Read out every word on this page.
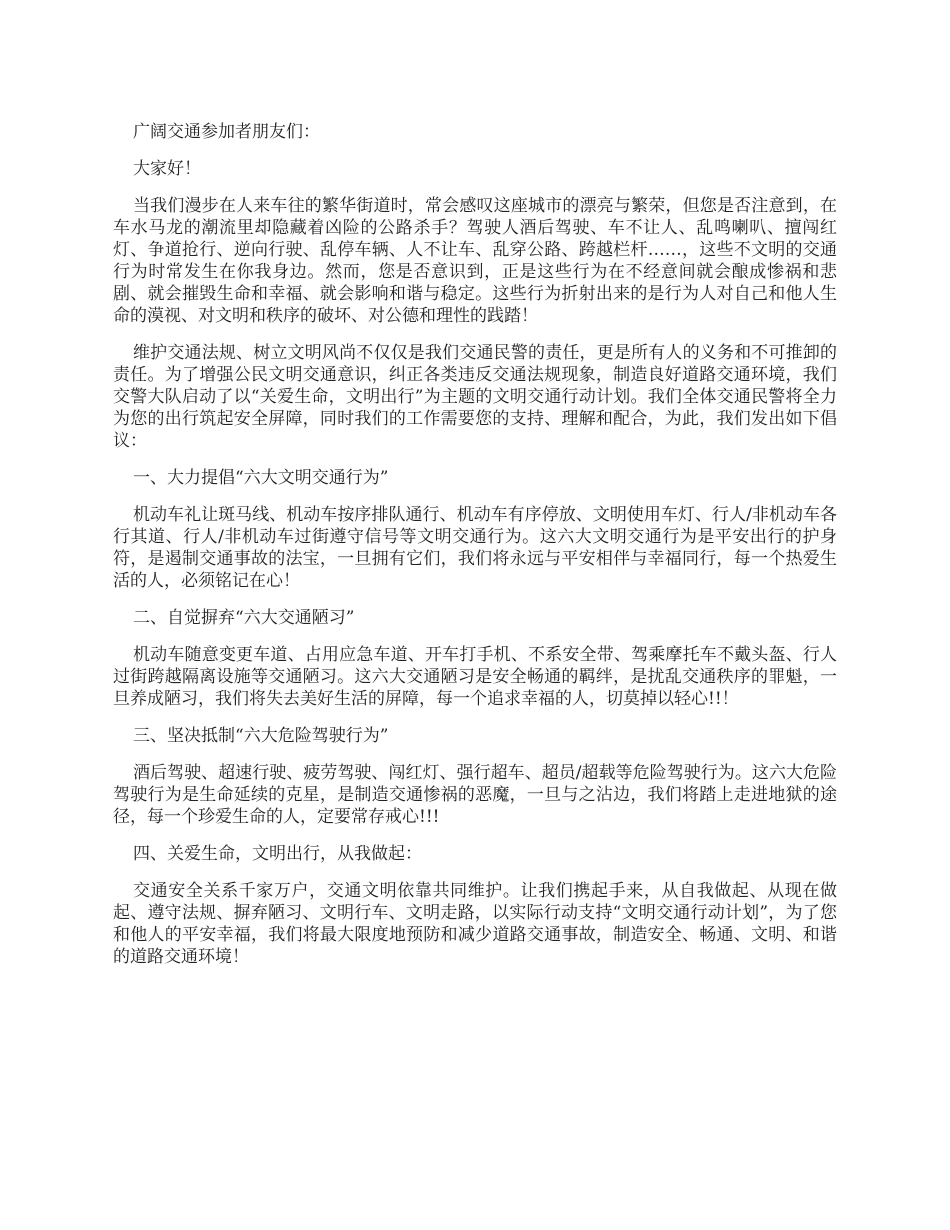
广阔交通参加者朋友们：

大家好！

当我们漫步在人来车往的繁华街道时，常会感叹这座城市的漂亮与繁荣，但您是否注意到，在车水马龙的潮流里却隐藏着凶险的公路杀手？驾驶人酒后驾驶、车不让人、乱鸣喇叭、擅闯红灯、争道抢行、逆向行驶、乱停车辆、人不让车、乱穿公路、跨越栏杆……，这些不文明的交通行为时常发生在你我身边。然而，您是否意识到，正是这些行为在不经意间就会酿成惨祸和悲剧、就会摧毁生命和幸福、就会影响和谐与稳定。这些行为折射出来的是行为人对自己和他人生命的漠视、对文明和秩序的破坏、对公德和理性的践踏！

维护交通法规、树立文明风尚不仅仅是我们交通民警的责任，更是所有人的义务和不可推卸的责任。为了增强公民文明交通意识，纠正各类违反交通法规现象，制造良好道路交通环境，我们交警大队启动了以“关爱生命，文明出行”为主题的文明交通行动计划。我们全体交通民警将全力为您的出行筑起安全屏障，同时我们的工作需要您的支持、理解和配合，为此，我们发出如下倡议：

一、大力提倡“六大文明交通行为”

机动车礼让斑马线、机动车按序排队通行、机动车有序停放、文明使用车灯、行人/非机动车各行其道、行人/非机动车过街遵守信号等文明交通行为。这六大文明交通行为是平安出行的护身符，是遏制交通事故的法宝，一旦拥有它们，我们将永远与平安相伴与幸福同行，每一个热爱生活的人，必须铭记在心！

二、自觉摒弃“六大交通陋习”

机动车随意变更车道、占用应急车道、开车打手机、不系安全带、驾乘摩托车不戴头盔、行人过街跨越隔离设施等交通陋习。这六大交通陋习是安全畅通的羁绊，是扰乱交通秩序的罪魁，一旦养成陋习，我们将失去美好生活的屏障，每一个追求幸福的人，切莫掉以轻心!!！

三、坚决抵制“六大危险驾驶行为”

酒后驾驶、超速行驶、疲劳驾驶、闯红灯、强行超车、超员/超载等危险驾驶行为。这六大危险驾驶行为是生命延续的克星，是制造交通惨祸的恶魔，一旦与之沾边，我们将踏上走进地狱的途径，每一个珍爱生命的人，定要常存戒心!!!

四、关爱生命，文明出行，从我做起：

交通安全关系千家万户，交通文明依靠共同维护。让我们携起手来，从自我做起、从现在做起、遵守法规、摒弃陋习、文明行车、文明走路，以实际行动支持“文明交通行动计划”，为了您和他人的平安幸福，我们将最大限度地预防和减少道路交通事故，制造安全、畅通、文明、和谐的道路交通环境！
